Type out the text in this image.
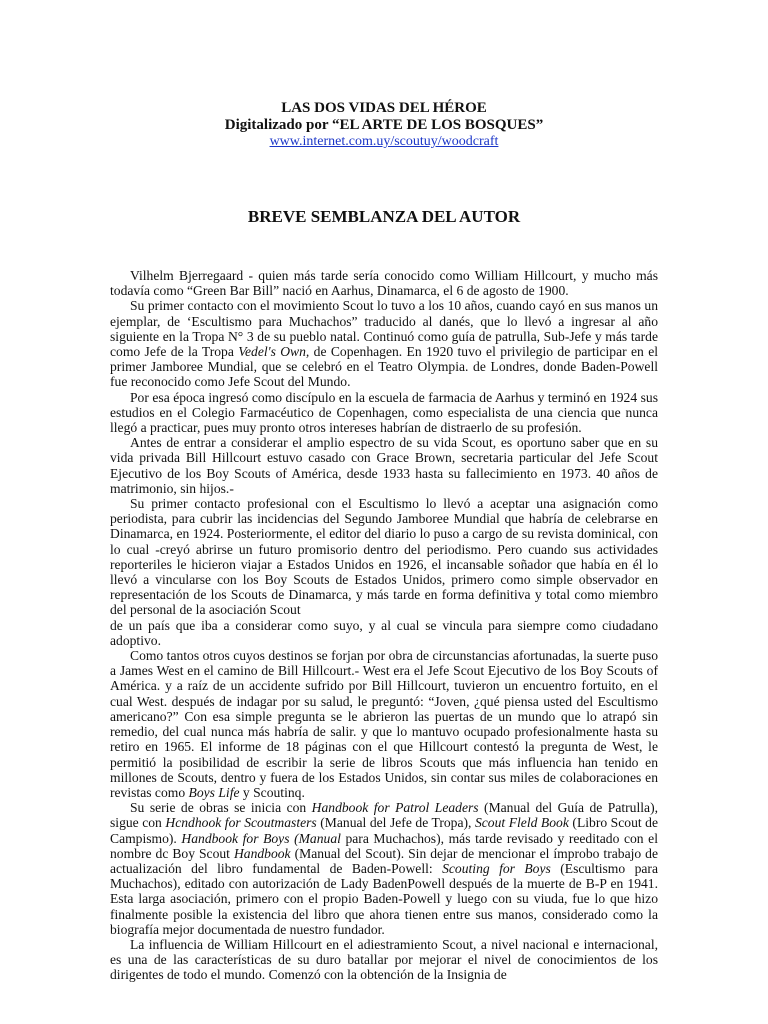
LAS DOS VIDAS DEL HÉROE

Digitalizado por “EL ARTE DE LOS BOSQUES”

www.internet.com.uy/scoutuy/woodcraft

BREVE SEMBLANZA DEL AUTOR

Vilhelm Bjerregaard - quien más tarde sería conocido como William Hillcourt, y mucho más todavía como “Green Bar Bill” nació en Aarhus, Dinamarca, el 6 de agosto de 1900.

Su primer contacto con el movimiento Scout lo tuvo a los 10 años, cuando cayó en sus manos un ejemplar, de ‘Escultismo para Muchachos” traducido al danés, que lo llevó a ingresar al año siguiente en la Tropa N° 3 de su pueblo natal. Continuó como guía de patrulla, Sub-Jefe y más tarde como Jefe de la Tropa Vedel's Own, de Copenhagen. En 1920 tuvo el privilegio de participar en el primer Jamboree Mundial, que se celebró en el Teatro Olympia. de Londres, donde Baden-Powell fue reconocido como Jefe Scout del Mundo.

Por esa época ingresó como discípulo en la escuela de farmacia de Aarhus y terminó en 1924 sus estudios en el Colegio Farmacéutico de Copenhagen, como especialista de una ciencia que nunca llegó a practicar, pues muy pronto otros intereses habrían de distraerlo de su profesión.

Antes de entrar a considerar el amplio espectro de su vida Scout, es oportuno saber que en su vida privada Bill Hillcourt estuvo casado con Grace Brown, secretaria particular del Jefe Scout Ejecutivo de los Boy Scouts of América, desde 1933 hasta su fallecimiento en 1973. 40 años de matrimonio, sin hijos.-

Su primer contacto profesional con el Escultismo lo llevó a aceptar una asignación como periodista, para cubrir las incidencias del Segundo Jamboree Mundial que habría de celebrarse en Dinamarca, en 1924. Posteriormente, el editor del diario lo puso a cargo de su revista dominical, con lo cual -creyó abrirse un futuro promisorio dentro del periodismo. Pero cuando sus actividades reporteriles le hicieron viajar a Estados Unidos en 1926, el incansable soñador que había en él lo llevó a vincularse con los Boy Scouts de Estados Unidos, primero como simple observador en representación de los Scouts de Dinamarca, y más tarde en forma definitiva y total como miembro del personal de la asociación Scout

de un país que iba a considerar como suyo, y al cual se vincula para siempre como ciudadano adoptivo.

Como tantos otros cuyos destinos se forjan por obra de circunstancias afortunadas, la suerte puso a James West en el camino de Bill Hillcourt.- West era el Jefe Scout Ejecutivo de los Boy Scouts of América. y a raíz de un accidente sufrido por Bill Hillcourt, tuvieron un encuentro fortuito, en el cual West. después de indagar por su salud, le preguntó: “Joven, ¿qué piensa usted del Escultismo americano?” Con esa simple pregunta se le abrieron las puertas de un mundo que lo atrapó sin remedio, del cual nunca más habría de salir. y que lo mantuvo ocupado profesionalmente hasta su retiro en 1965. El informe de 18 páginas con el que Hillcourt contestó la pregunta de West, le permitió la posibilidad de escribir la serie de libros Scouts que más influencia han tenido en millones de Scouts, dentro y fuera de los Estados Unidos, sin contar sus miles de colaboraciones en revistas como Boys Life y Scoutinq.

Su serie de obras se inicia con Handbook for Patrol Leaders (Manual del Guía de Patrulla), sigue con Hcndhook for Scoutmasters (Manual del Jefe de Tropa), Scout Fleld Book (Libro Scout de Campismo). Handbook for Boys (Manual para Muchachos), más tarde revisado y reeditado con el nombre dc Boy Scout Handbook (Manual del Scout). Sin dejar de mencionar el ímprobo trabajo de actualización del libro fundamental de Baden-Powell: Scouting for Boys (Escultismo para Muchachos), editado con autorización de Lady BadenPowell después de la muerte de B-P en 1941. Esta larga asociación, primero con el propio Baden-Powell y luego con su viuda, fue lo que hizo finalmente posible la existencia del libro que ahora tienen entre sus manos, considerado como la biografía mejor documentada de nuestro fundador.

La influencia de William Hillcourt en el adiestramiento Scout, a nivel nacional e internacional, es una de las características de su duro batallar por mejorar el nivel de conocimientos de los dirigentes de todo el mundo. Comenzó con la obtención de la Insignia de
